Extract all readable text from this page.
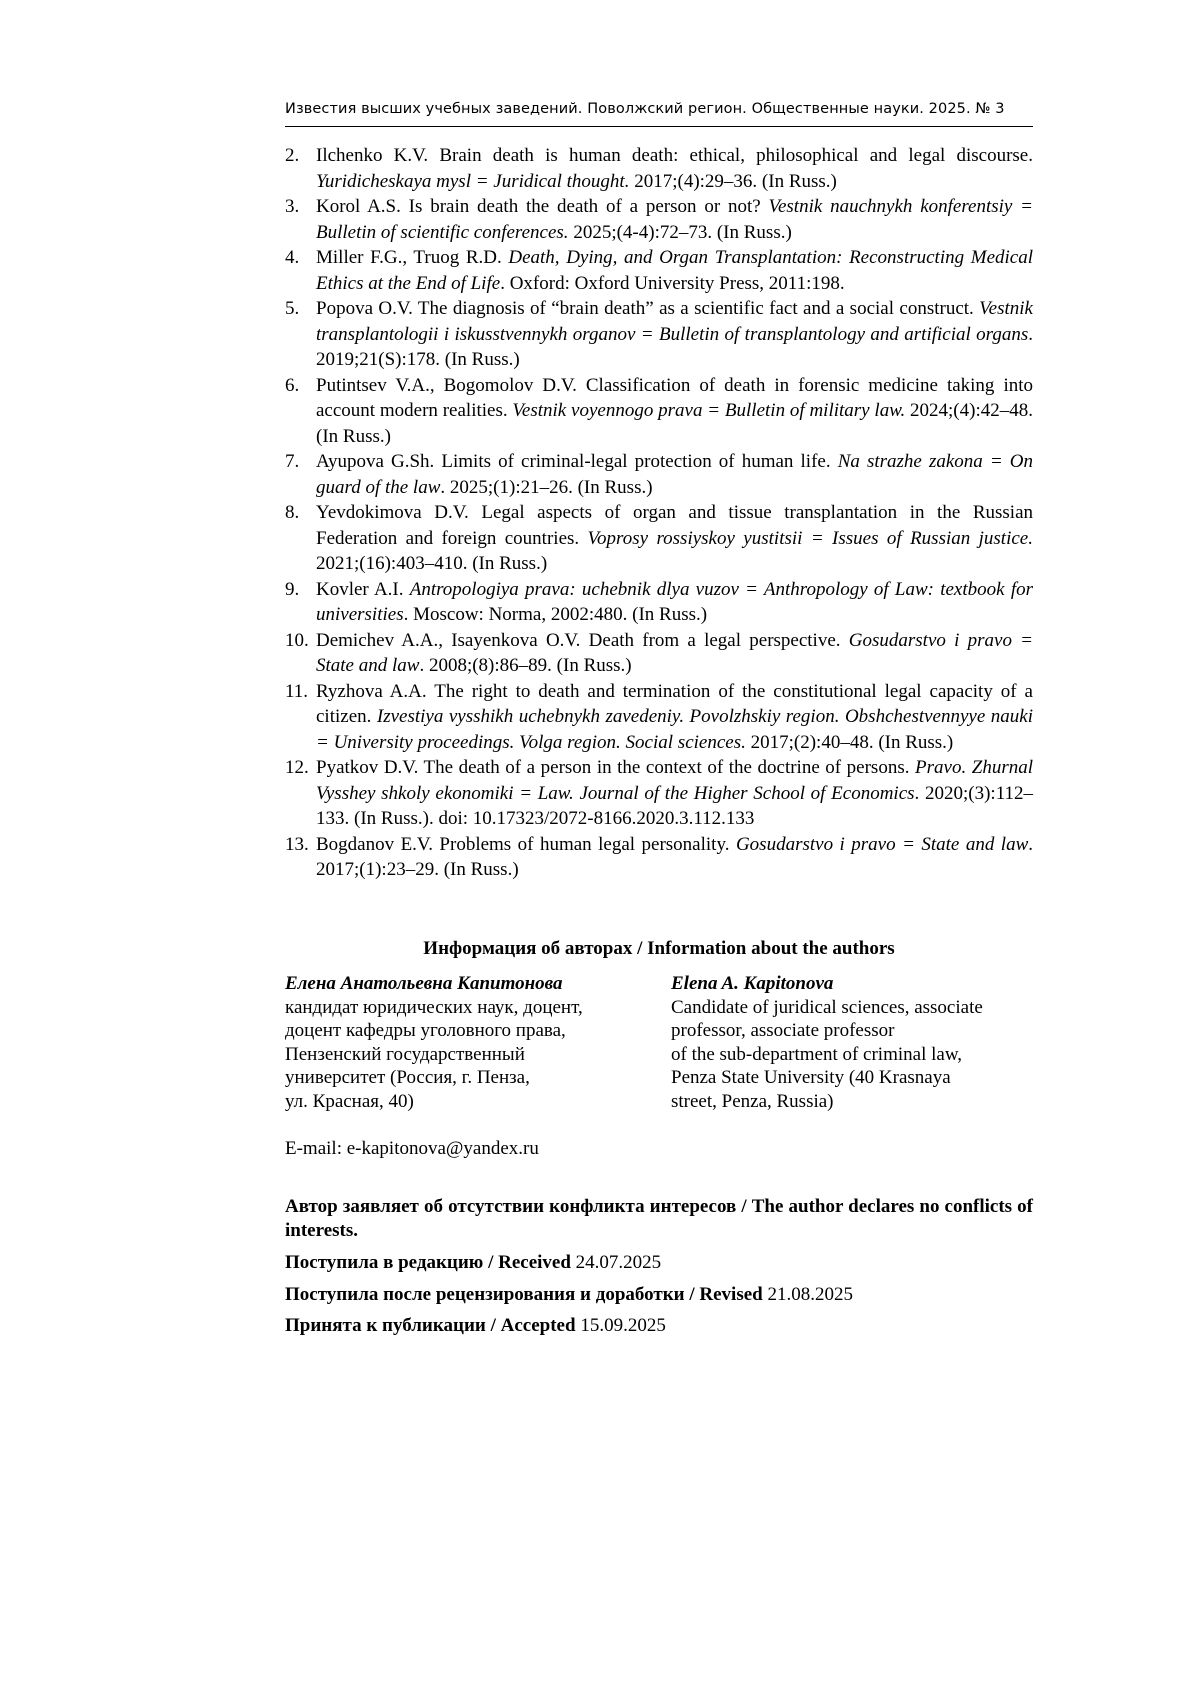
Известия высших учебных заведений. Поволжский регион. Общественные науки. 2025. № 3

2. Ilchenko K.V. Brain death is human death: ethical, philosophical and legal discourse. Yuridicheskaya mysl = Juridical thought. 2017;(4):29–36. (In Russ.)

3. Korol A.S. Is brain death the death of a person or not? Vestnik nauchnykh konferentsiy = Bulletin of scientific conferences. 2025;(4-4):72–73. (In Russ.)

4. Miller F.G., Truog R.D. Death, Dying, and Organ Transplantation: Reconstructing Medical Ethics at the End of Life. Oxford: Oxford University Press, 2011:198.

5. Popova O.V. The diagnosis of “brain death” as a scientific fact and a social construct. Vestnik transplantologii i iskusstvennykh organov = Bulletin of transplantology and artificial organs. 2019;21(S):178. (In Russ.)

6. Putintsev V.A., Bogomolov D.V. Classification of death in forensic medicine taking into account modern realities. Vestnik voyennogo prava = Bulletin of military law. 2024;(4):42–48. (In Russ.)

7. Ayupova G.Sh. Limits of criminal-legal protection of human life. Na strazhe zakona = On guard of the law. 2025;(1):21–26. (In Russ.)

8. Yevdokimova D.V. Legal aspects of organ and tissue transplantation in the Russian Federation and foreign countries. Voprosy rossiyskoy yustitsii = Issues of Russian justice. 2021;(16):403–410. (In Russ.)

9. Kovler A.I. Antropologiya prava: uchebnik dlya vuzov = Anthropology of Law: textbook for universities. Moscow: Norma, 2002:480. (In Russ.)

10. Demichev A.A., Isayenkova O.V. Death from a legal perspective. Gosudarstvo i pravo = State and law. 2008;(8):86–89. (In Russ.)

11. Ryzhova A.A. The right to death and termination of the constitutional legal capacity of a citizen. Izvestiya vysshikh uchebnykh zavedeniy. Povolzhskiy region. Obshchestvennyye nauki = University proceedings. Volga region. Social sciences. 2017;(2):40–48. (In Russ.)

12. Pyatkov D.V. The death of a person in the context of the doctrine of persons. Pravo. Zhurnal Vysshey shkoly ekonomiki = Law. Journal of the Higher School of Economics. 2020;(3):112–133. (In Russ.). doi: 10.17323/2072-8166.2020.3.112.133

13. Bogdanov E.V. Problems of human legal personality. Gosudarstvo i pravo = State and law. 2017;(1):23–29. (In Russ.)

Информация об авторах / Information about the authors
Елена Анатольевна Капитонова
кандидат юридических наук, доцент,
доцент кафедры уголовного права,
Пензенский государственный
университет (Россия, г. Пенза,
ул. Красная, 40)
Elena A. Kapitonova
Candidate of juridical sciences, associate
professor, associate professor
of the sub-department of criminal law,
Penza State University (40 Krasnaya
street, Penza, Russia)
E-mail: e-kapitonova@yandex.ru

Автор заявляет об отсутствии конфликта интересов / The author declares no conflicts of interests.

Поступила в редакцию / Received 24.07.2025

Поступила после рецензирования и доработки / Revised 21.08.2025

Принята к публикации / Accepted 15.09.2025
